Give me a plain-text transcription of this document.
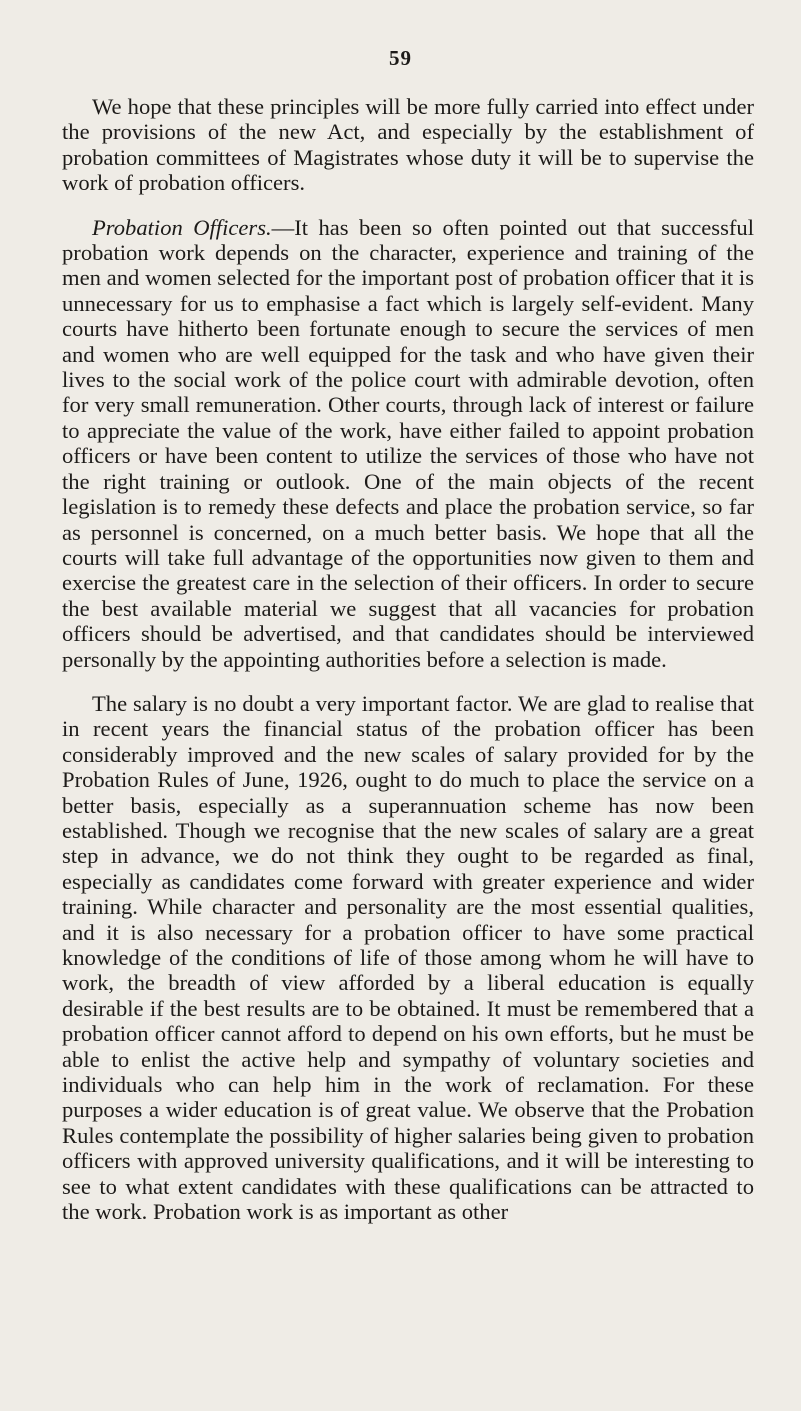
59

We hope that these principles will be more fully carried into effect under the provisions of the new Act, and especially by the establishment of probation committees of Magistrates whose duty it will be to supervise the work of probation officers.

Probation Officers.—It has been so often pointed out that successful probation work depends on the character, experience and training of the men and women selected for the important post of probation officer that it is unnecessary for us to emphasise a fact which is largely self-evident. Many courts have hitherto been fortunate enough to secure the services of men and women who are well equipped for the task and who have given their lives to the social work of the police court with admirable devotion, often for very small remuneration. Other courts, through lack of interest or failure to appreciate the value of the work, have either failed to appoint probation officers or have been content to utilize the services of those who have not the right training or outlook. One of the main objects of the recent legislation is to remedy these defects and place the probation service, so far as personnel is concerned, on a much better basis. We hope that all the courts will take full advantage of the opportunities now given to them and exercise the greatest care in the selection of their officers. In order to secure the best available material we suggest that all vacancies for probation officers should be advertised, and that candidates should be interviewed personally by the appointing authorities before a selection is made.

The salary is no doubt a very important factor. We are glad to realise that in recent years the financial status of the probation officer has been considerably improved and the new scales of salary provided for by the Probation Rules of June, 1926, ought to do much to place the service on a better basis, especially as a superannuation scheme has now been established. Though we recognise that the new scales of salary are a great step in advance, we do not think they ought to be regarded as final, especially as candidates come forward with greater experience and wider training. While character and personality are the most essential qualities, and it is also necessary for a probation officer to have some practical knowledge of the conditions of life of those among whom he will have to work, the breadth of view afforded by a liberal education is equally desirable if the best results are to be obtained. It must be remembered that a probation officer cannot afford to depend on his own efforts, but he must be able to enlist the active help and sympathy of voluntary societies and individuals who can help him in the work of reclamation. For these purposes a wider education is of great value. We observe that the Probation Rules contemplate the possibility of higher salaries being given to probation officers with approved university qualifications, and it will be interesting to see to what extent candidates with these qualifications can be attracted to the work. Probation work is as important as other
